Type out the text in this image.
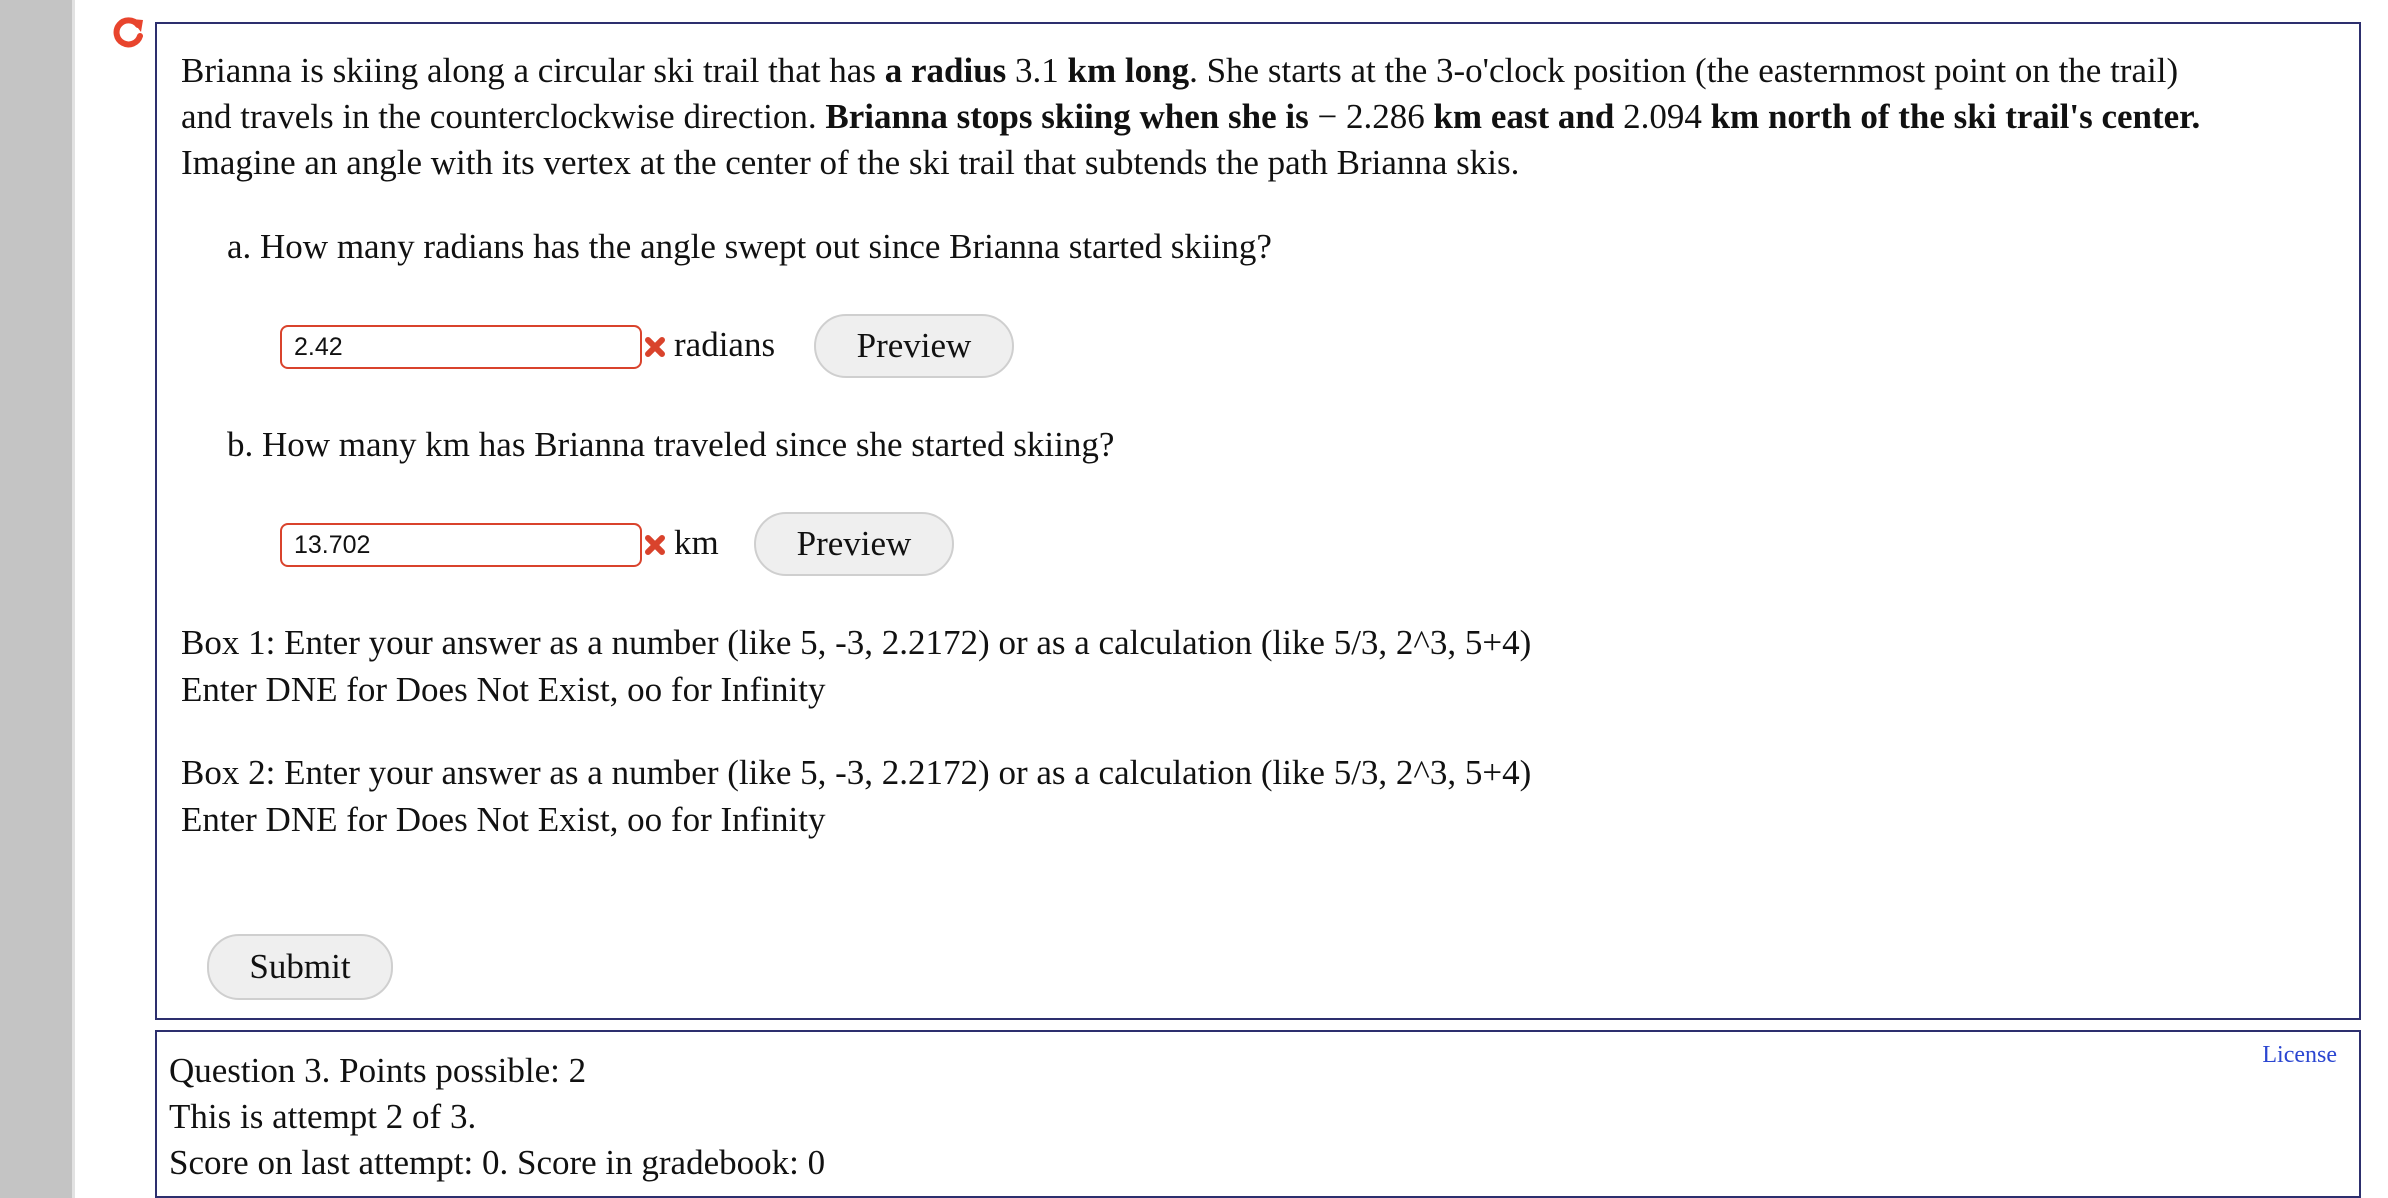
Brianna is skiing along a circular ski trail that has a radius 3.1 km long. She starts at the 3-o'clock position (the easternmost point on the trail)

and travels in the counterclockwise direction. Brianna stops skiing when she is − 2.286 km east and 2.094 km north of the ski trail's center.

Imagine an angle with its vertex at the center of the ski trail that subtends the path Brianna skis.

a. How many radians has the angle swept out since Brianna started skiing?

2.42
radians	Preview

b. How many km has Brianna traveled since she started skiing?

13.702
km	Preview

Box 1: Enter your answer as a number (like 5, -3, 2.2172) or as a calculation (like 5/3, 2^3, 5+4)

Enter DNE for Does Not Exist, oo for Infinity

Box 2: Enter your answer as a number (like 5, -3, 2.2172) or as a calculation (like 5/3, 2^3, 5+4)

Enter DNE for Does Not Exist, oo for Infinity

Submit
Question 3. Points possible: 2
This is attempt 2 of 3.
Score on last attempt: 0. Score in gradebook: 0
License
